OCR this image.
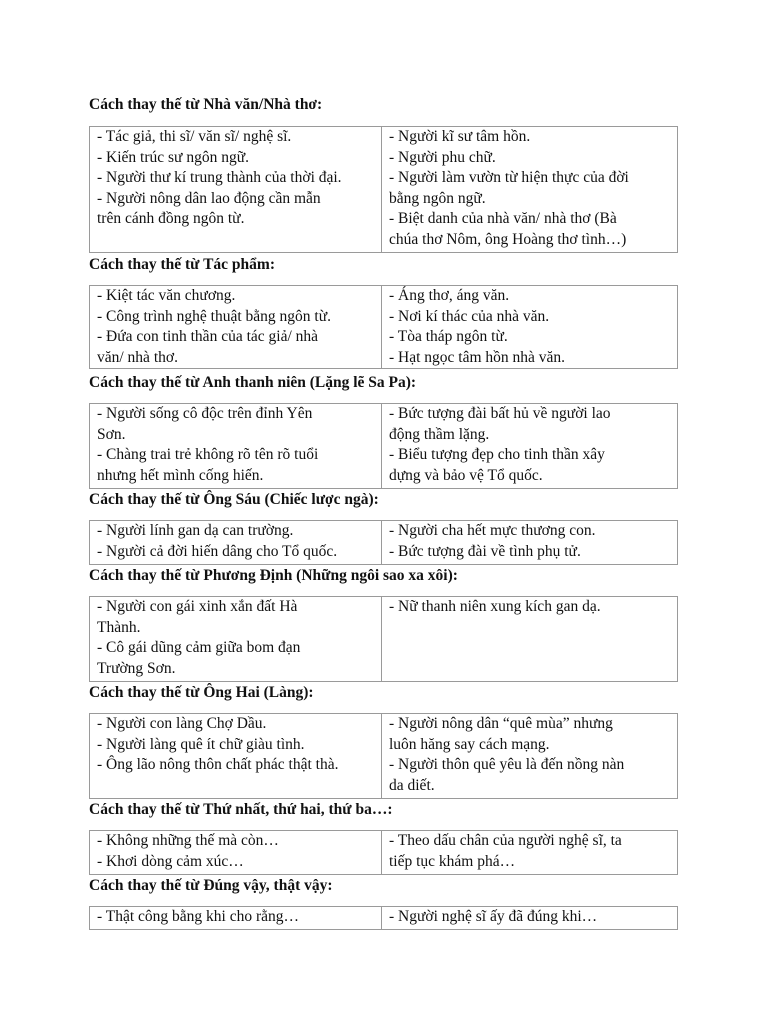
Cách thay thế từ Nhà văn/Nhà thơ:
- Tác giả, thi sĩ/ văn sĩ/ nghệ sĩ.
- Kiến trúc sư ngôn ngữ.
- Người thư kí trung thành của thời đại.
- Người nông dân lao động cần mẫn
trên cánh đồng ngôn từ.
- Người kĩ sư tâm hồn.
- Người phu chữ.
- Người làm vườn từ hiện thực của đời
bằng ngôn ngữ.
- Biệt danh của nhà văn/ nhà thơ (Bà
chúa thơ Nôm, ông Hoàng thơ tình…)
Cách thay thế từ Tác phẩm:
- Kiệt tác văn chương.
- Công trình nghệ thuật bằng ngôn từ.
- Đứa con tinh thần của tác giả/ nhà
văn/ nhà thơ.
- Áng thơ, áng văn.
- Nơi kí thác của nhà văn.
- Tòa tháp ngôn từ.
- Hạt ngọc tâm hồn nhà văn.
Cách thay thế từ Anh thanh niên (Lặng lẽ Sa Pa):
- Người sống cô độc trên đỉnh Yên
Sơn.
- Chàng trai trẻ không rõ tên rõ tuổi
nhưng hết mình cống hiến.
- Bức tượng đài bất hủ về người lao
động thầm lặng.
- Biểu tượng đẹp cho tinh thần xây
dựng và bảo vệ Tổ quốc.
Cách thay thế từ Ông Sáu (Chiếc lược ngà):
- Người lính gan dạ can trường.
- Người cả đời hiến dâng cho Tổ quốc.
- Người cha hết mực thương con.
- Bức tượng đài về tình phụ tử.
Cách thay thế từ Phương Định (Những ngôi sao xa xôi):
- Người con gái xinh xắn đất Hà
Thành.
- Cô gái dũng cảm giữa bom đạn
Trường Sơn.
- Nữ thanh niên xung kích gan dạ.
Cách thay thế từ Ông Hai (Làng):
- Người con làng Chợ Dầu.
- Người làng quê ít chữ giàu tình.
- Ông lão nông thôn chất phác thật thà.
- Người nông dân “quê mùa” nhưng
luôn hăng say cách mạng.
- Người thôn quê yêu là đến nồng nàn
da diết.
Cách thay thế từ Thứ nhất, thứ hai, thứ ba…:
- Không những thế mà còn…
- Khơi dòng cảm xúc…
- Theo dấu chân của người nghệ sĩ, ta
tiếp tục khám phá…
Cách thay thế từ Đúng vậy, thật vậy:
- Thật công bằng khi cho rằng…	- Người nghệ sĩ ấy đã đúng khi…
